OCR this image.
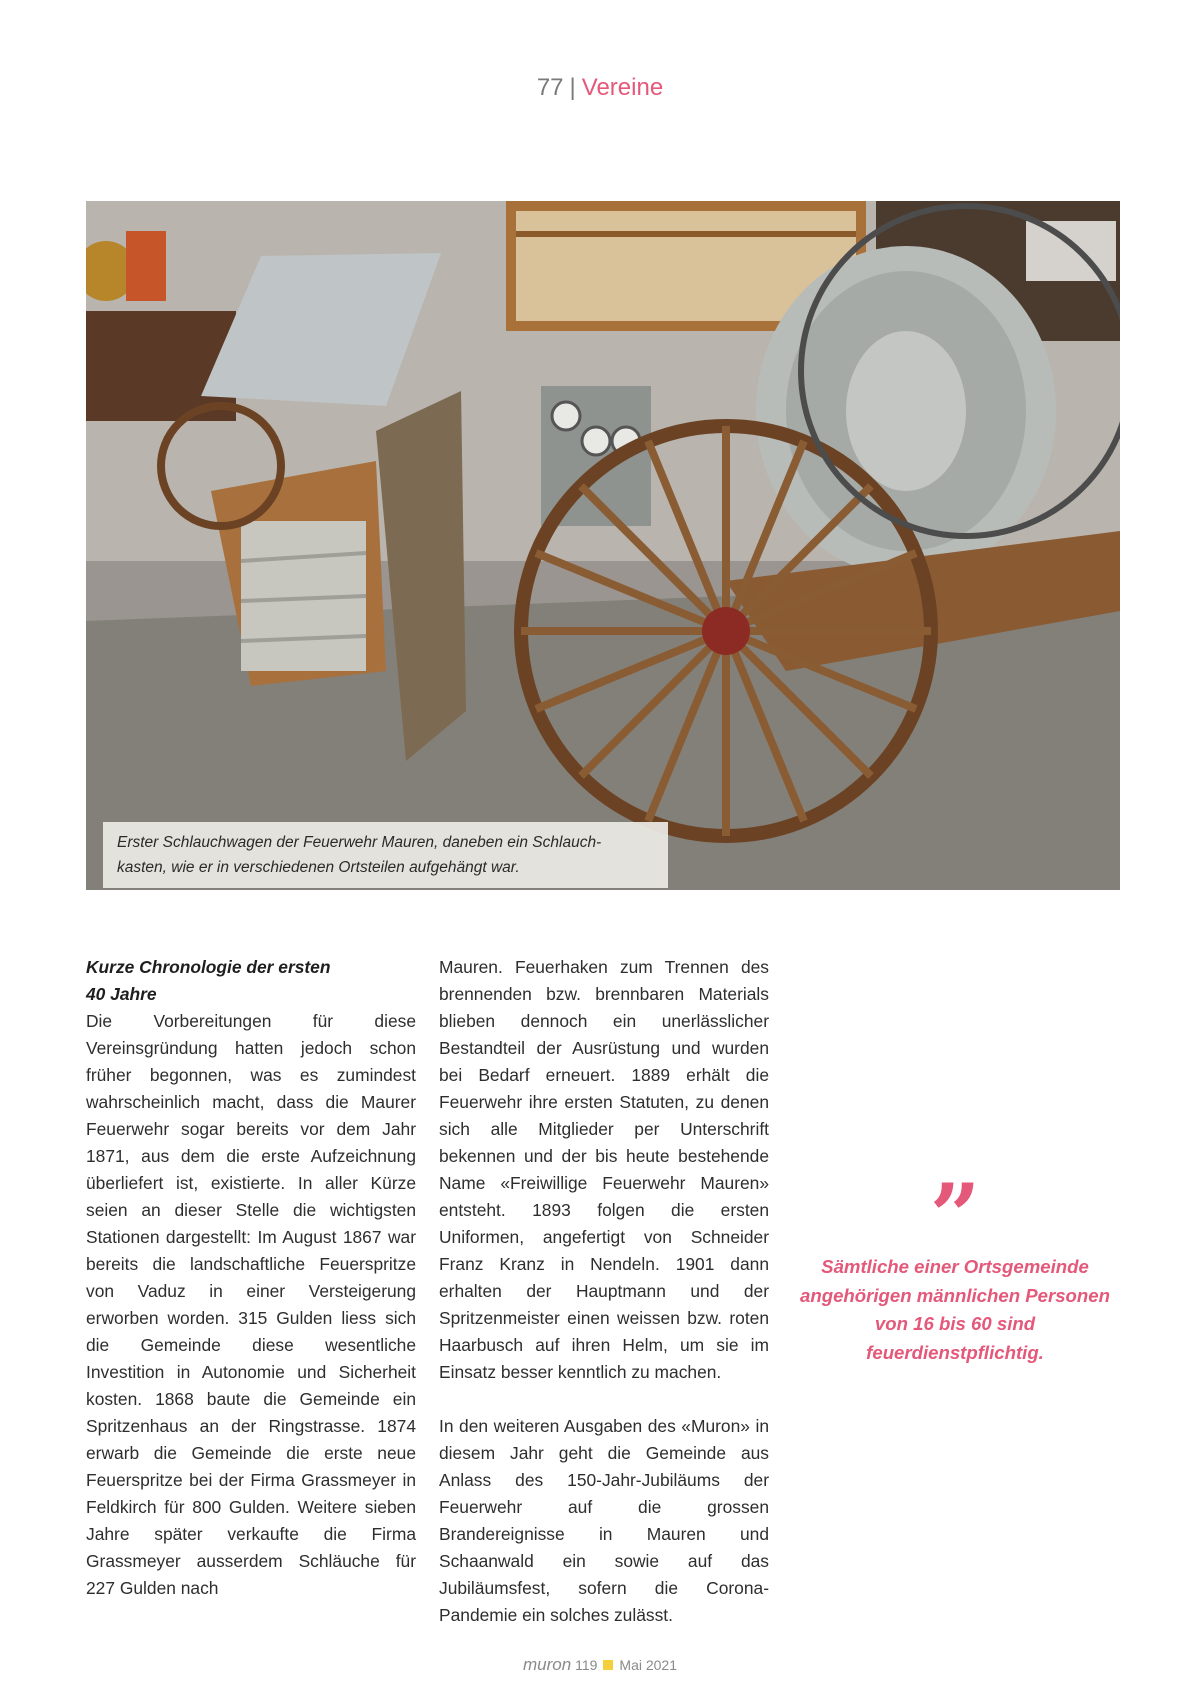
77 | Vereine
Erster Schlauchwagen der Feuerwehr Mauren, daneben ein Schlauch-
kasten, wie er in verschiedenen Ortsteilen aufgehängt war.
Kurze Chronologie der ersten
40 Jahre
Die Vorbereitungen für diese Vereinsgründung hatten jedoch schon früher begonnen, was es zumindest wahrscheinlich macht, dass die Maurer Feuerwehr sogar bereits vor dem Jahr 1871, aus dem die erste Aufzeichnung überliefert ist, existierte. In aller Kürze seien an dieser Stelle die wichtigsten Stationen dargestellt: Im August 1867 war bereits die landschaftliche Feuerspritze von Vaduz in einer Versteigerung erworben worden. 315 Gulden liess sich die Gemeinde diese wesentliche Investition in Autonomie und Sicherheit kosten. 1868 baute die Gemeinde ein Spritzenhaus an der Ringstrasse. 1874 erwarb die Gemeinde die erste neue Feuerspritze bei der Firma Grassmeyer in Feldkirch für 800 Gulden. Weitere sieben Jahre später verkaufte die Firma Grassmeyer ausserdem Schläuche für 227 Gulden nach
Mauren. Feuerhaken zum Trennen des brennenden bzw. brennbaren Materials blieben dennoch ein unerlässlicher Bestandteil der Ausrüstung und wurden bei Bedarf erneuert. 1889 erhält die Feuerwehr ihre ersten Statuten, zu denen sich alle Mitglieder per Unterschrift bekennen und der bis heute bestehende Name «Freiwillige Feuerwehr Mauren» entsteht. 1893 folgen die ersten Uniformen, angefertigt von Schneider Franz Kranz in Nendeln. 1901 dann erhalten der Hauptmann und der Spritzenmeister einen weissen bzw. roten Haarbusch auf ihren Helm, um sie im Einsatz besser kenntlich zu machen.
In den weiteren Ausgaben des «Muron» in diesem Jahr geht die Gemeinde aus Anlass des 150-Jahr-Jubiläums der Feuerwehr auf die grossen Brandereignisse in Mauren und Schaanwald ein sowie auf das Jubiläumsfest, sofern die Corona-Pandemie ein solches zulässt.
”
Sämtliche einer Ortsgemeinde angehörigen männlichen Personen von 16 bis 60 sind feuerdienstpflichtig.
muron 119 Mai 2021
